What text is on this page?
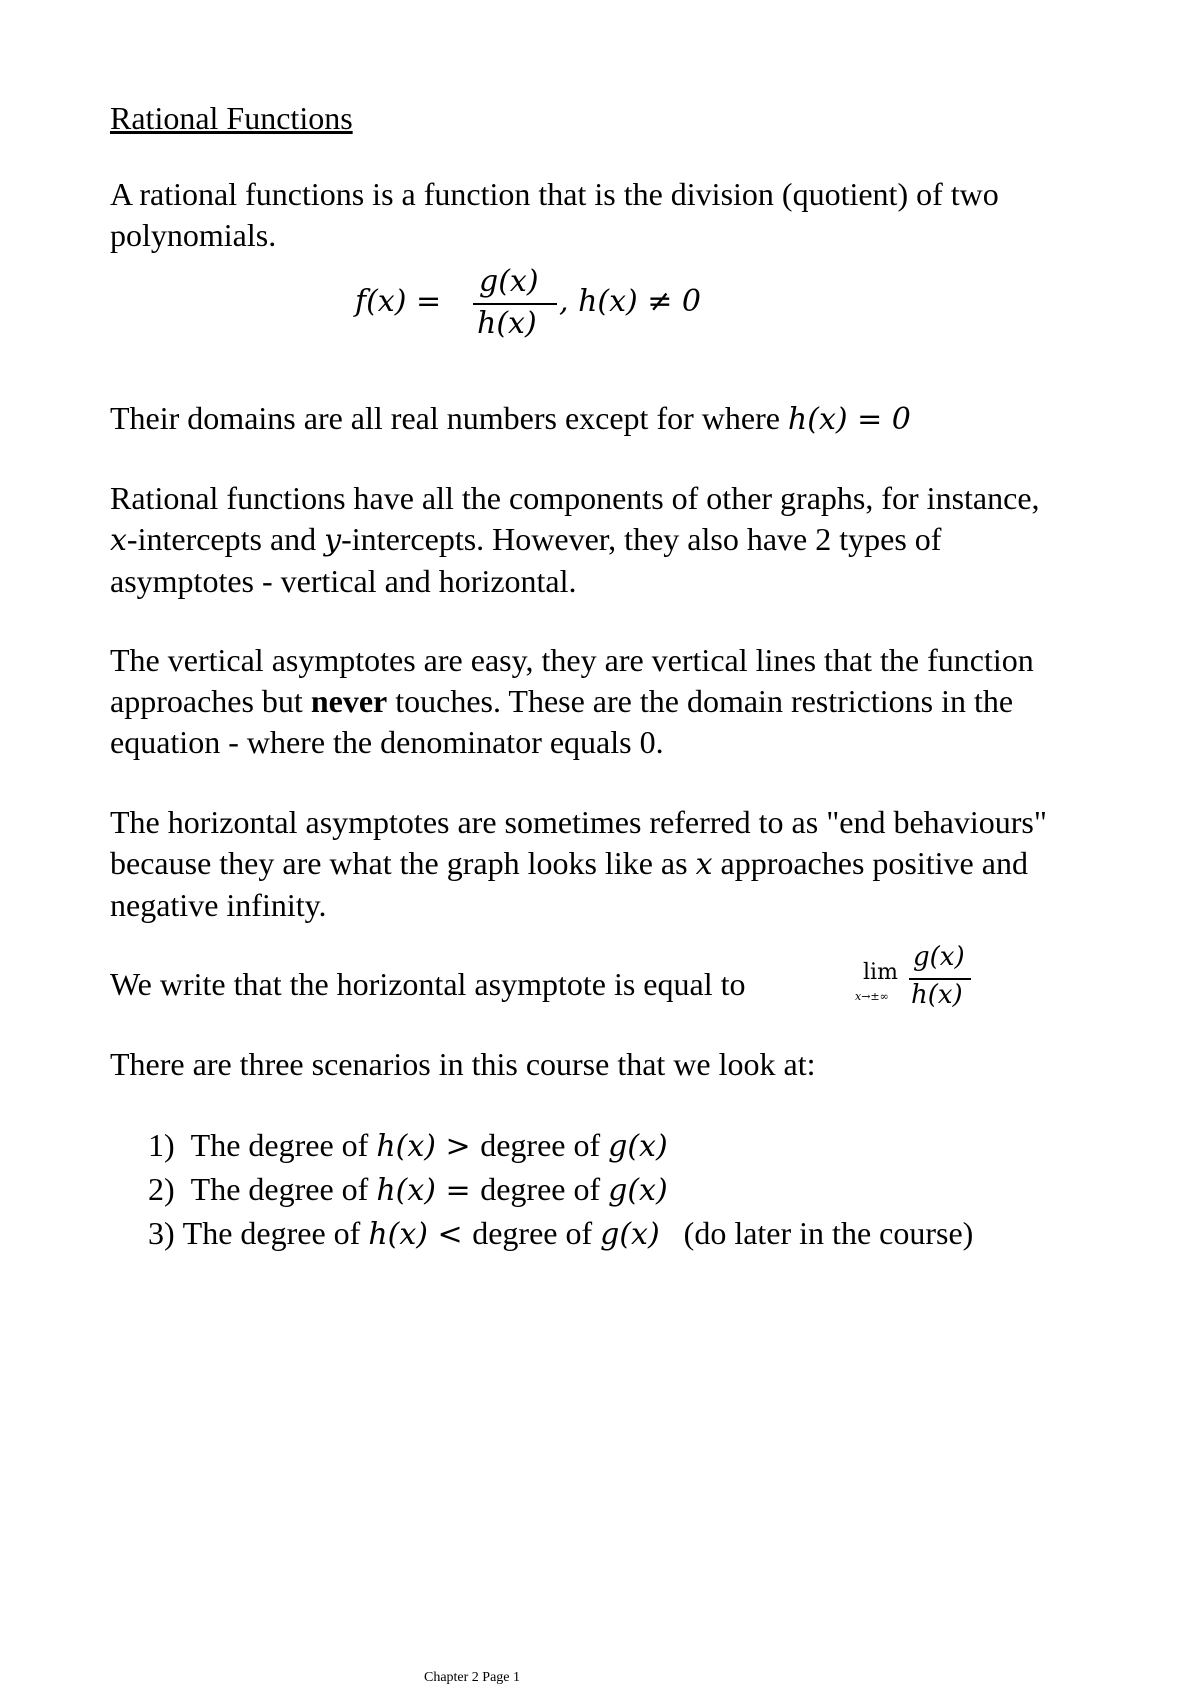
Rational Functions
A rational functions is a function that is the division (quotient) of two
polynomials.
f(x) =
g(x)
h(x)
, h(x) ≠ 0
Their domains are all real numbers except for where h(x) = 0
Rational functions have all the components of other graphs, for instance,
x-intercepts and y-intercepts. However, they also have 2 types of
asymptotes - vertical and horizontal.
The vertical asymptotes are easy, they are vertical lines that the function
approaches but never touches. These are the domain restrictions in the
equation - where the denominator equals 0.
The horizontal asymptotes are sometimes referred to as "end behaviours"
because they are what the graph looks like as x approaches positive and
negative infinity.
We write that the horizontal asymptote is equal to	lim
x→±∞
g(x)
h(x)
There are three scenarios in this course that we look at:
1) The degree of h(x) > degree of g(x)
2) The degree of h(x) = degree of g(x)
3) The degree of h(x) < degree of g(x)   (do later in the course)
Chapter 2 Page 1
